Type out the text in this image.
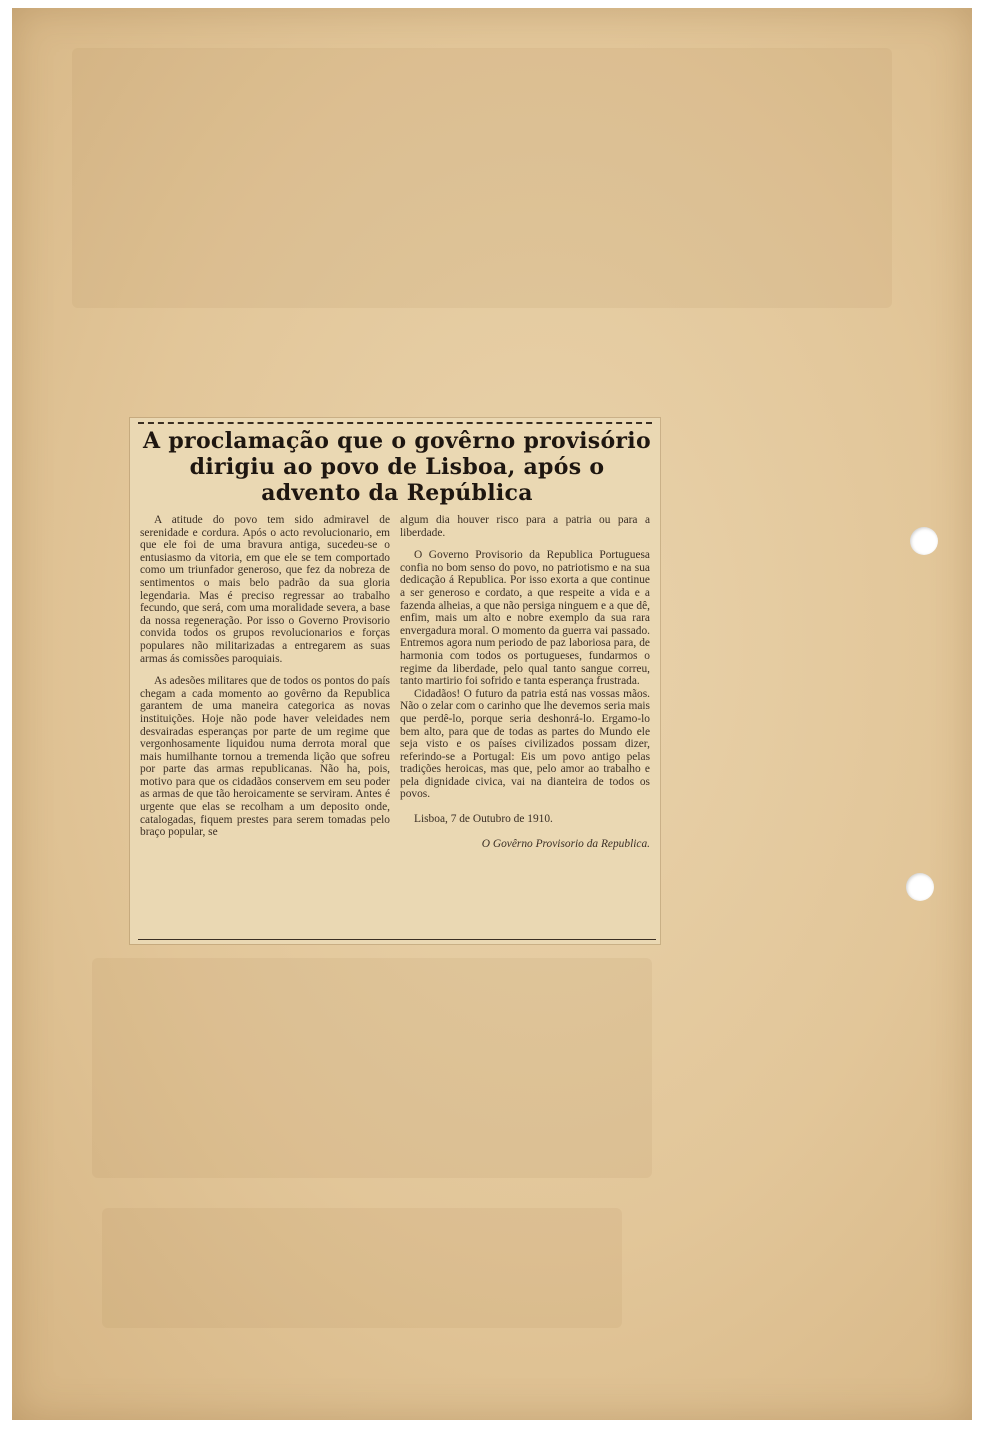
A proclamação que o govêrno provisório dirigiu ao povo de Lisboa, após o advento da República

A atitude do povo tem sido admiravel de serenidade e cordura. Após o acto revolucionario, em que ele foi de uma bravura antiga, sucedeu-se o entusiasmo da vitoria, em que ele se tem comportado como um triunfador generoso, que fez da nobreza de sentimentos o mais belo padrão da sua gloria legendaria. Mas é preciso regressar ao trabalho fecundo, que será, com uma moralidade severa, a base da nossa regeneração. Por isso o Governo Provisorio convida todos os grupos revolucionarios e forças populares não militarizadas a entregarem as suas armas ás comissões paroquiais.

As adesões militares que de todos os pontos do país chegam a cada momento ao govêrno da Republica garantem de uma maneira categorica as novas instituições. Hoje não pode haver veleidades nem desvairadas esperanças por parte de um regime que vergonhosamente liquidou numa derrota moral que mais humilhante tornou a tremenda lição que sofreu por parte das armas republicanas. Não ha, pois, motivo para que os cidadãos conservem em seu poder as armas de que tão heroicamente se serviram. Antes é urgente que elas se recolham a um deposito onde, catalogadas, fiquem prestes para serem tomadas pelo braço popular, se

algum dia houver risco para a patria ou para a liberdade.

O Governo Provisorio da Republica Portuguesa confia no bom senso do povo, no patriotismo e na sua dedicação á Republica. Por isso exorta a que continue a ser generoso e cordato, a que respeite a vida e a fazenda alheias, a que não persiga ninguem e a que dê, enfim, mais um alto e nobre exemplo da sua rara envergadura moral. O momento da guerra vai passado. Entremos agora num periodo de paz laboriosa para, de harmonia com todos os portugueses, fundarmos o regime da liberdade, pelo qual tanto sangue correu, tanto martirio foi sofrido e tanta esperança frustrada.

Cidadãos! O futuro da patria está nas vossas mãos. Não o zelar com o carinho que lhe devemos seria mais que perdê-lo, porque seria deshonrá-lo. Ergamo-lo bem alto, para que de todas as partes do Mundo ele seja visto e os países civilizados possam dizer, referindo-se a Portugal: Eis um povo antigo pelas tradições heroicas, mas que, pelo amor ao trabalho e pela dignidade civica, vai na dianteira de todos os povos.

Lisboa, 7 de Outubro de 1910.
O Govêrno Provisorio da Republica.
